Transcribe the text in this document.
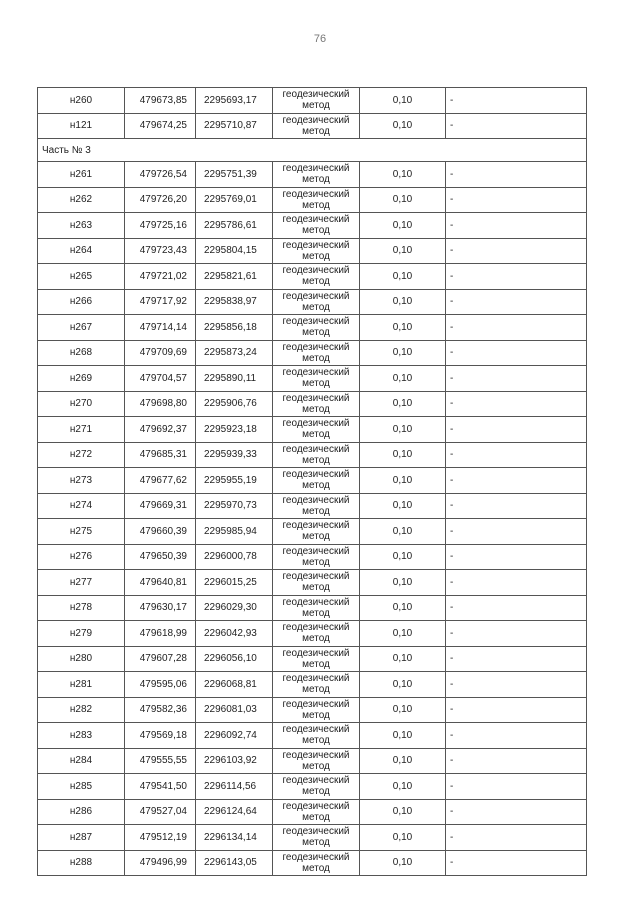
76
н260	479673,85	2295693,17	геодезический метод	0,10	-
н121	479674,25	2295710,87	геодезический метод	0,10	-
Часть № 3					
н261	479726,54	2295751,39	геодезический метод	0,10	-
н262	479726,20	2295769,01	геодезический метод	0,10	-
н263	479725,16	2295786,61	геодезический метод	0,10	-
н264	479723,43	2295804,15	геодезический метод	0,10	-
н265	479721,02	2295821,61	геодезический метод	0,10	-
н266	479717,92	2295838,97	геодезический метод	0,10	-
н267	479714,14	2295856,18	геодезический метод	0,10	-
н268	479709,69	2295873,24	геодезический метод	0,10	-
н269	479704,57	2295890,11	геодезический метод	0,10	-
н270	479698,80	2295906,76	геодезический метод	0,10	-
н271	479692,37	2295923,18	геодезический метод	0,10	-
н272	479685,31	2295939,33	геодезический метод	0,10	-
н273	479677,62	2295955,19	геодезический метод	0,10	-
н274	479669,31	2295970,73	геодезический метод	0,10	-
н275	479660,39	2295985,94	геодезический метод	0,10	-
н276	479650,39	2296000,78	геодезический метод	0,10	-
н277	479640,81	2296015,25	геодезический метод	0,10	-
н278	479630,17	2296029,30	геодезический метод	0,10	-
н279	479618,99	2296042,93	геодезический метод	0,10	-
н280	479607,28	2296056,10	геодезический метод	0,10	-
н281	479595,06	2296068,81	геодезический метод	0,10	-
н282	479582,36	2296081,03	геодезический метод	0,10	-
н283	479569,18	2296092,74	геодезический метод	0,10	-
н284	479555,55	2296103,92	геодезический метод	0,10	-
н285	479541,50	2296114,56	геодезический метод	0,10	-
н286	479527,04	2296124,64	геодезический метод	0,10	-
н287	479512,19	2296134,14	геодезический метод	0,10	-
н288	479496,99	2296143,05	геодезический метод	0,10	-
